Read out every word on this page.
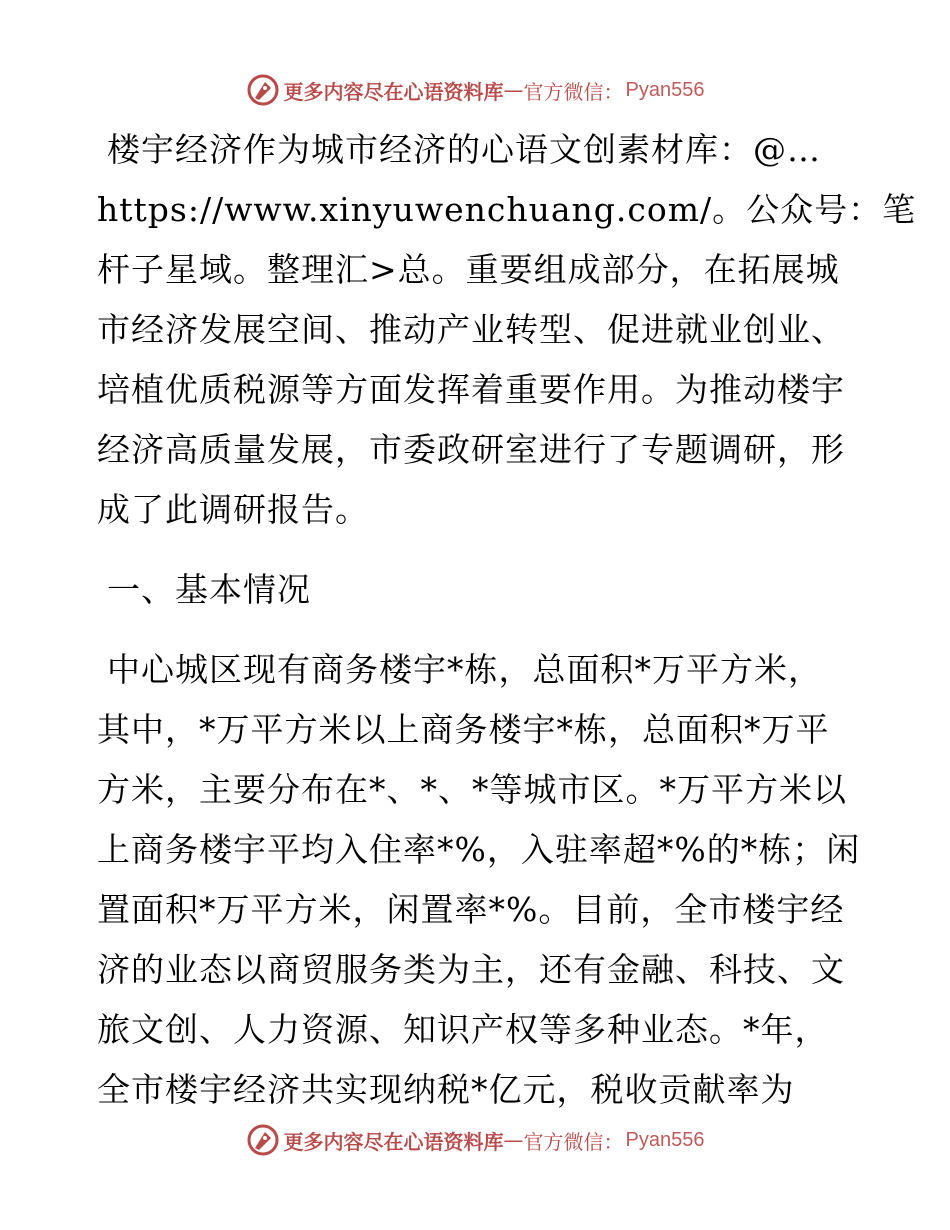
更多内容尽在心语资料库 — 官方微信： Pyan556
楼宇经济作为城市经济的心语文创素材库：@…
https://www.xinyuwenchuang.com/。公众号：笔
杆子星域。整理汇>总。重要组成部分，在拓展城
市经济发展空间、推动产业转型、促进就业创业、
培植优质税源等方面发挥着重要作用。为推动楼宇
经济高质量发展，市委政研室进行了专题调研，形
成了此调研报告。
一、基本情况
中心城区现有商务楼宇*栋，总面积*万平方米，
其中，*万平方米以上商务楼宇*栋，总面积*万平
方米，主要分布在*、*、*等城市区。*万平方米以
上商务楼宇平均入住率*%，入驻率超*%的*栋；闲
置面积*万平方米，闲置率*%。目前，全市楼宇经
济的业态以商贸服务类为主，还有金融、科技、文
旅文创、人力资源、知识产权等多种业态。*年，
全市楼宇经济共实现纳税*亿元，税收贡献率为
更多内容尽在心语资料库 — 官方微信： Pyan556
